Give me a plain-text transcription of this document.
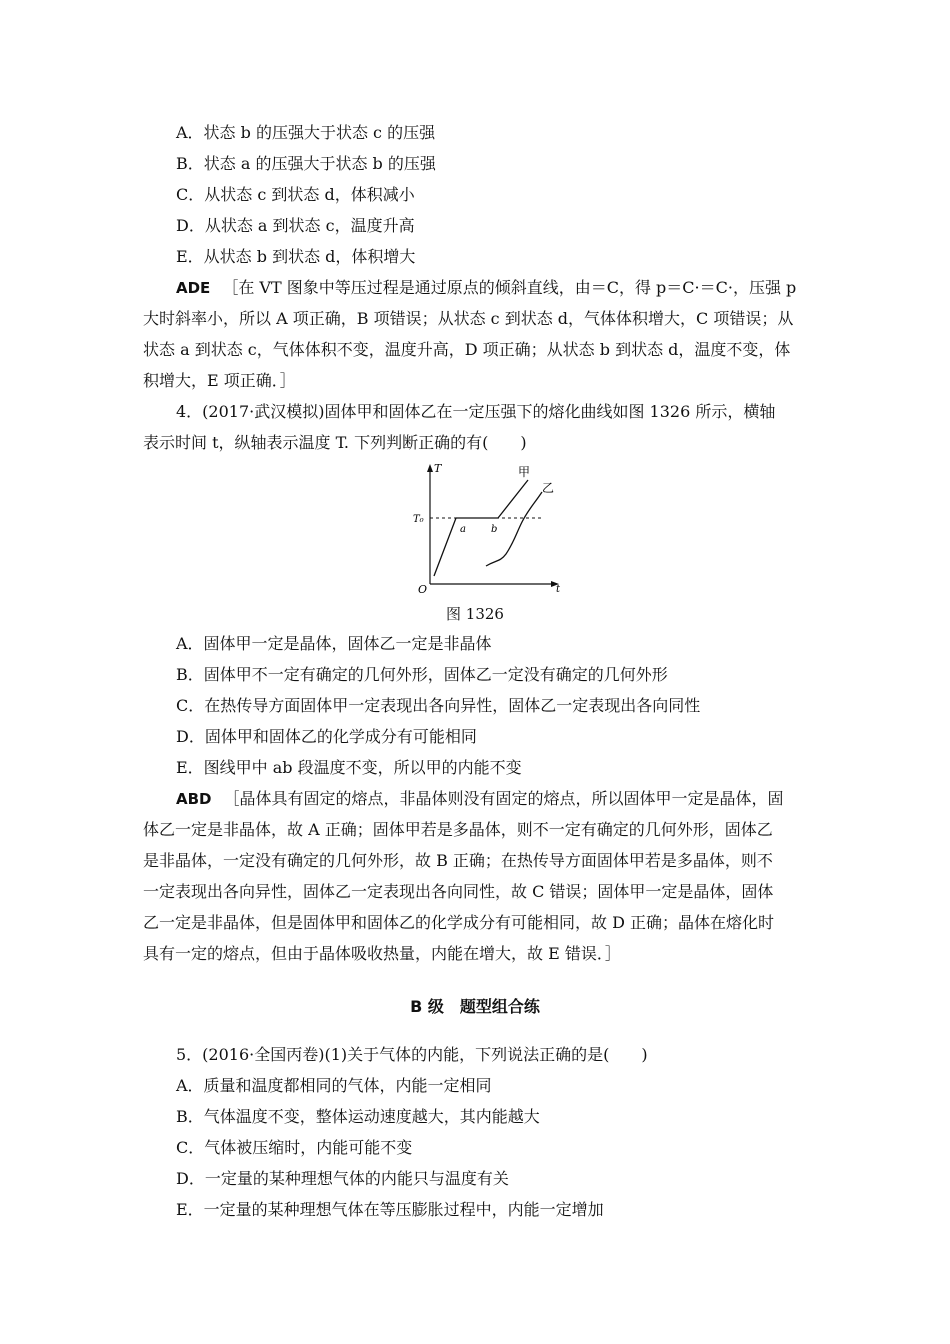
A．状态 b 的压强大于状态 c 的压强
B．状态 a 的压强大于状态 b 的压强
C．从状态 c 到状态 d，体积减小
D．从状态 a 到状态 c，温度升高
E．从状态 b 到状态 d，体积增大
ADE ［在 VT 图象中等压过程是通过原点的倾斜直线，由＝C，得 p＝C·＝C·，压强 p
大时斜率小，所以 A 项正确，B 项错误；从状态 c 到状态 d，气体体积增大，C 项错误；从
状态 a 到状态 c，气体体积不变，温度升高，D 项正确；从状态 b 到状态 d，温度不变，体
积增大，E 项正确．］
4．(2017·武汉模拟)固体甲和固体乙在一定压强下的熔化曲线如图 1326 所示，横轴
表示时间 t，纵轴表示温度 T. 下列判断正确的有(　　)
T
T₀
O	t
a	b
甲
乙
图 1326
A．固体甲一定是晶体，固体乙一定是非晶体
B．固体甲不一定有确定的几何外形，固体乙一定没有确定的几何外形
C．在热传导方面固体甲一定表现出各向异性，固体乙一定表现出各向同性
D．固体甲和固体乙的化学成分有可能相同
E．图线甲中 ab 段温度不变，所以甲的内能不变
ABD ［晶体具有固定的熔点，非晶体则没有固定的熔点，所以固体甲一定是晶体，固
体乙一定是非晶体，故 A 正确；固体甲若是多晶体，则不一定有确定的几何外形，固体乙
是非晶体，一定没有确定的几何外形，故 B 正确；在热传导方面固体甲若是多晶体，则不
一定表现出各向异性，固体乙一定表现出各向同性，故 C 错误；固体甲一定是晶体，固体
乙一定是非晶体，但是固体甲和固体乙的化学成分有可能相同，故 D 正确；晶体在熔化时
具有一定的熔点，但由于晶体吸收热量，内能在增大，故 E 错误．］
B 级　题型组合练
5．(2016·全国丙卷)(1)关于气体的内能，下列说法正确的是(　　)
A．质量和温度都相同的气体，内能一定相同
B．气体温度不变，整体运动速度越大，其内能越大
C．气体被压缩时，内能可能不变
D．一定量的某种理想气体的内能只与温度有关
E．一定量的某种理想气体在等压膨胀过程中，内能一定增加
